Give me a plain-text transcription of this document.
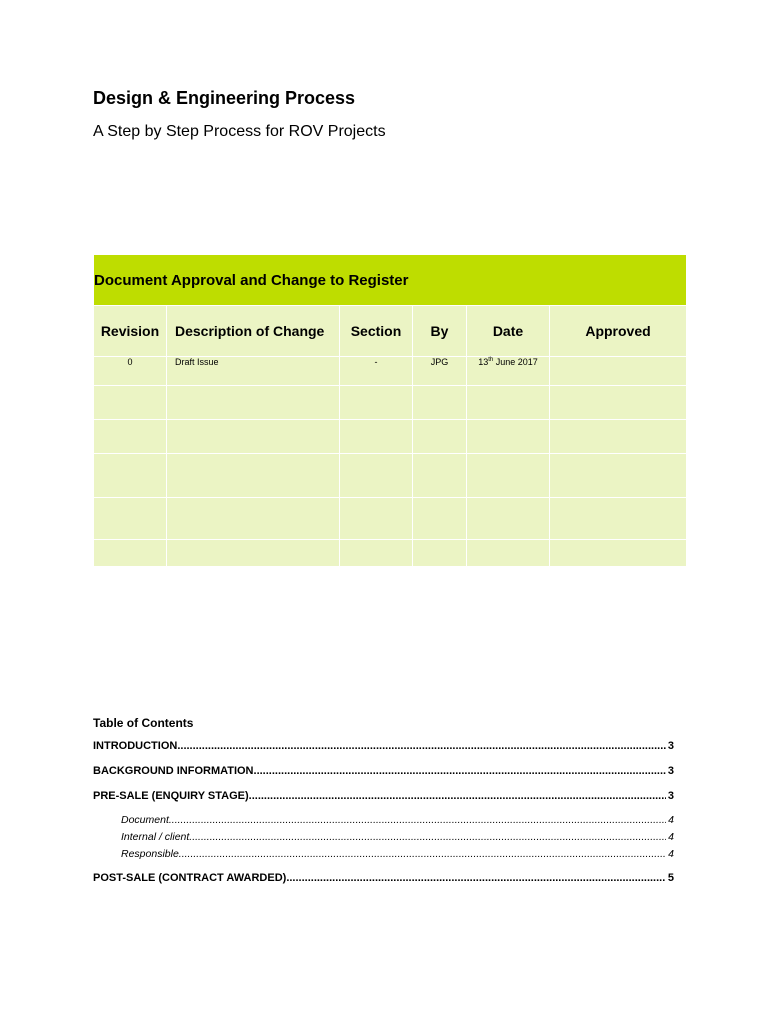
Design & Engineering Process
A Step by Step Process for ROV Projects
Document Approval and Change to Register					
Revision	Description of Change	Section	By	Date	Approved
0	Draft Issue	-	JPG	13th June 2017	

Table of Contents
INTRODUCTION .....	3
BACKGROUND INFORMATION .....	3
PRE-SALE (ENQUIRY STAGE) .....	3
Document .....	4
Internal / client .....	4
Responsible .....	4
POST-SALE (CONTRACT AWARDED) .....	5
